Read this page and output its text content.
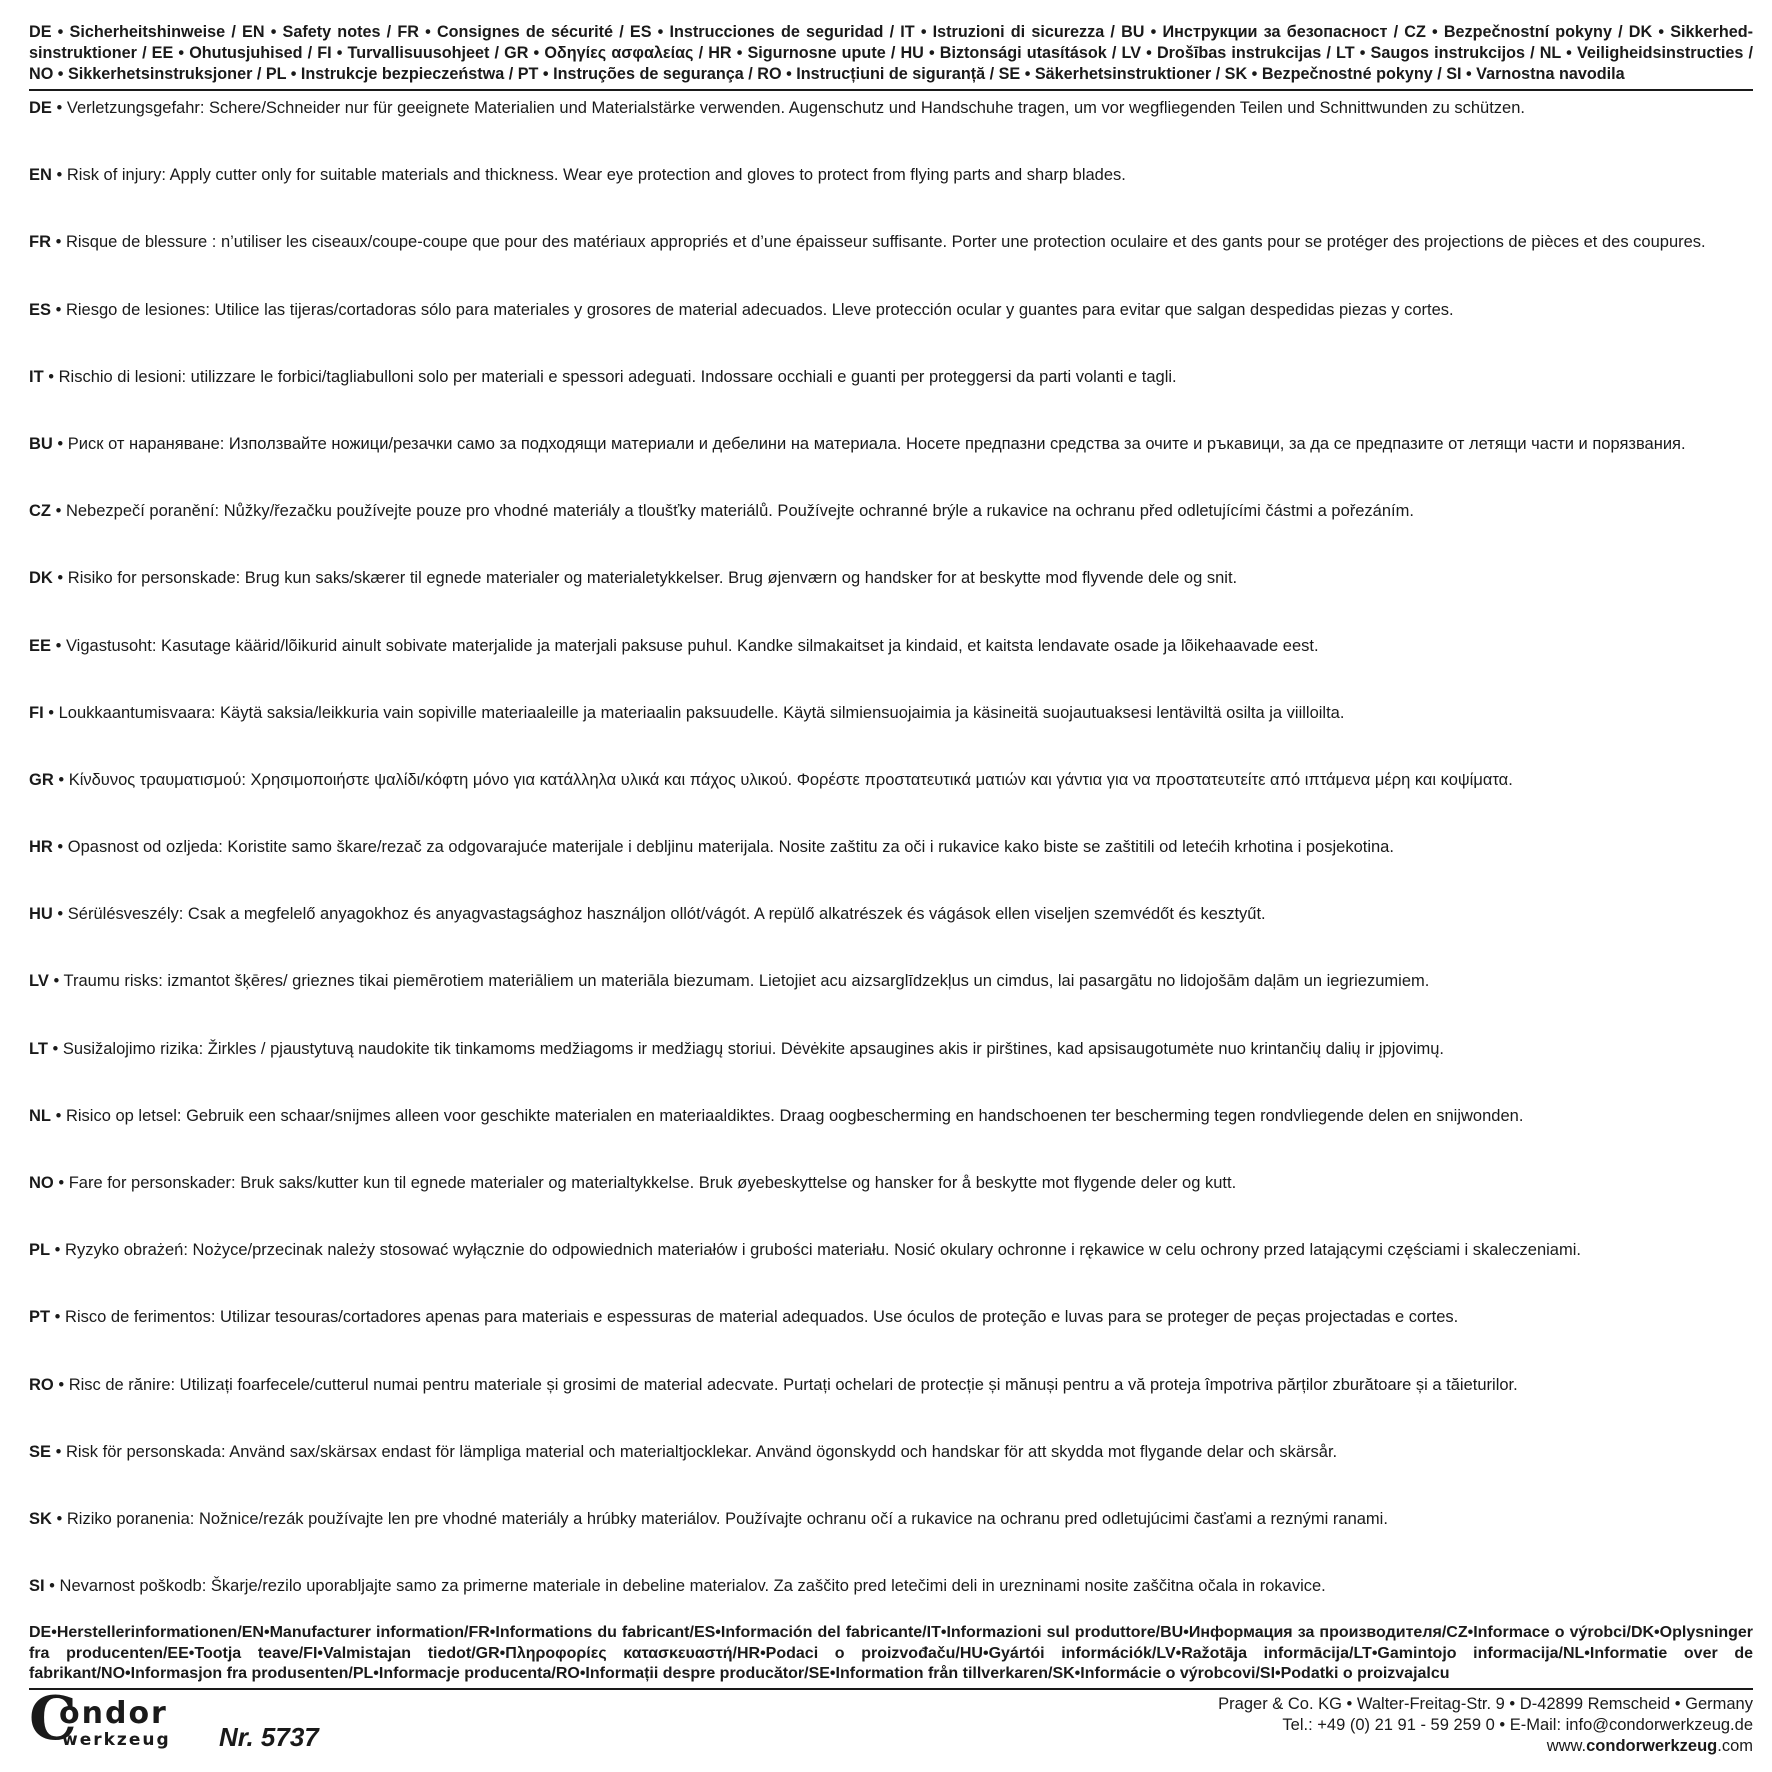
DE • Sicherheitshinweise / EN • Safety notes / FR • Consignes de sécurité / ES • Instrucciones de seguridad / IT • Istruzioni di sicurezza / BU • Инструкции за безопасност / CZ • Bezpečnostní pokyny / DK • Sikkerhedsinstruktioner / EE • Ohutusjuhised / FI • Turvallisuusohjeet / GR • Οδηγίες ασφαλείας / HR • Sigurnosne upute / HU • Biztonsági utasítások / LV • Drošības instrukcijas / LT • Saugos instrukcijos / NL • Veiligheidsinstructies / NO • Sikkerhetsinstruksjoner / PL • Instrukcje bezpieczeństwa / PT • Instruções de segurança / RO • Instrucțiuni de siguranță / SE • Säkerhetsinstruktioner / SK • Bezpečnostné pokyny / SI • Varnostna navodila
DE • Verletzungsgefahr: Schere/Schneider nur für geeignete Materialien und Materialstärke verwenden. Augenschutz und Handschuhe tragen, um vor wegfliegenden Teilen und Schnittwunden zu schützen.
EN • Risk of injury: Apply cutter only for suitable materials and thickness. Wear eye protection and gloves to protect from flying parts and sharp blades.
FR • Risque de blessure : n’utiliser les ciseaux/coupe-coupe que pour des matériaux appropriés et d’une épaisseur suffisante. Porter une protection oculaire et des gants pour se protéger des projections de pièces et des coupures.
ES • Riesgo de lesiones: Utilice las tijeras/cortadoras sólo para materiales y grosores de material adecuados. Lleve protección ocular y guantes para evitar que salgan despedidas piezas y cortes.
IT • Rischio di lesioni: utilizzare le forbici/tagliabulloni solo per materiali e spessori adeguati. Indossare occhiali e guanti per proteggersi da parti volanti e tagli.
BU • Риск от нараняване: Използвайте ножици/резачки само за подходящи материали и дебелини на материала. Носете предпазни средства за очите и ръкавици, за да се предпазите от летящи части и порязвания.
CZ • Nebezpečí poranění: Nůžky/řezačku používejte pouze pro vhodné materiály a tloušťky materiálů. Používejte ochranné brýle a rukavice na ochranu před odletujícími částmi a pořezáním.
DK • Risiko for personskade: Brug kun saks/skærer til egnede materialer og materialetykkelser. Brug øjenværn og handsker for at beskytte mod flyvende dele og snit.
EE • Vigastusoht: Kasutage käärid/lõikurid ainult sobivate materjalide ja materjali paksuse puhul. Kandke silmakaitset ja kindaid, et kaitsta lendavate osade ja lõikehaavade eest.
FI • Loukkaantumisvaara: Käytä saksia/leikkuria vain sopiville materiaaleille ja materiaalin paksuudelle. Käytä silmiensuojaimia ja käsineitä suojautuaksesi lentäviltä osilta ja viilloilta.
GR • Κίνδυνος τραυματισμού: Χρησιμοποιήστε ψαλίδι/κόφτη μόνο για κατάλληλα υλικά και πάχος υλικού. Φορέστε προστατευτικά ματιών και γάντια για να προστατευτείτε από ιπτάμενα μέρη και κοψίματα.
HR • Opasnost od ozljeda: Koristite samo škare/rezač za odgovarajuće materijale i debljinu materijala. Nosite zaštitu za oči i rukavice kako biste se zaštitili od letećih krhotina i posjekotina.
HU • Sérülésveszély: Csak a megfelelő anyagokhoz és anyagvastagsághoz használjon ollót/vágót. A repülő alkatrészek és vágások ellen viseljen szemvédőt és kesztyűt.
LV • Traumu risks: izmantot šķēres/ grieznes tikai piemērotiem materiāliem un materiāla biezumam. Lietojiet acu aizsarglīdzekļus un cimdus, lai pasargātu no lidojošām daļām un iegriezumiem.
LT • Susižalojimo rizika: Žirkles / pjaustytuvą naudokite tik tinkamoms medžiagoms ir medžiagų storiui. Dėvėkite apsaugines akis ir pirštines, kad apsisaugotumėte nuo krintančių dalių ir įpjovimų.
NL • Risico op letsel: Gebruik een schaar/snijmes alleen voor geschikte materialen en materiaaldiktes. Draag oogbescherming en handschoenen ter bescherming tegen rondvliegende delen en snijwonden.
NO • Fare for personskader: Bruk saks/kutter kun til egnede materialer og materialtykkelse. Bruk øyebeskyttelse og hansker for å beskytte mot flygende deler og kutt.
PL • Ryzyko obrażeń: Nożyce/przecinak należy stosować wyłącznie do odpowiednich materiałów i grubości materiału. Nosić okulary ochronne i rękawice w celu ochrony przed latającymi częściami i skaleczeniami.
PT • Risco de ferimentos: Utilizar tesouras/cortadores apenas para materiais e espessuras de material adequados. Use óculos de proteção e luvas para se proteger de peças projectadas e cortes.
RO • Risc de rănire: Utilizați foarfecele/cutterul numai pentru materiale și grosimi de material adecvate. Purtați ochelari de protecție și mănuși pentru a vă proteja împotriva părților zburătoare și a tăieturilor.
SE • Risk för personskada: Använd sax/skärsax endast för lämpliga material och materialtjocklekar. Använd ögonskydd och handskar för att skydda mot flygande delar och skärsår.
SK • Riziko poranenia: Nožnice/rezák používajte len pre vhodné materiály a hrúbky materiálov. Používajte ochranu očí a rukavice na ochranu pred odletujúcimi časťami a reznými ranami.
SI • Nevarnost poškodb: Škarje/rezilo uporabljajte samo za primerne materiale in debeline materialov. Za zaščito pred letečimi deli in urezninami nosite zaščitna očala in rokavice.
DE•Herstellerinformationen/EN•Manufacturer information/FR•Informations du fabricant/ES•Información del fabricante/IT•Informazioni sul produttore/BU•Информация за производителя/CZ•Informace o výrobci/DK•Oplysninger fra producenten/EE•Tootja teave/FI•Valmistajan tiedot/GR•Πληροφορίες κατασκευαστή/HR•Podaci o proizvođaču/HU•Gyártói információk/LV•Ražotāja informācija/LT•Gamintojo informacija/NL•Informatie over de fabrikant/NO•Informasjon fra produsenten/PL•Informacje producenta/RO•Informații despre producător/SE•Information från tillverkaren/SK•Informácie o výrobcovi/SI•Podatki o proizvajalcu
C
ondor
werkzeug Nr. 5737
Prager & Co. KG • Walter-Freitag-Str. 9 • D-42899 Remscheid • Germany
Tel.: +49 (0) 21 91 - 59 259 0 • E-Mail: info@condorwerkzeug.de
www.condorwerkzeug.com
